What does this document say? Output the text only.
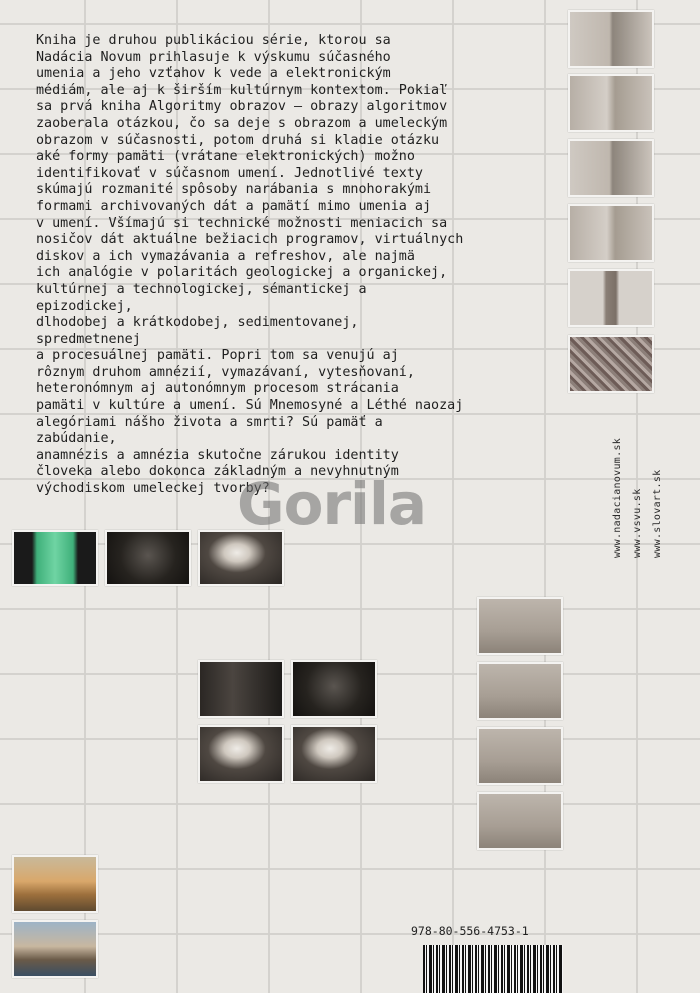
Kniha je druhou publikáciou série, ktorou sa
Nadácia Novum prihlasuje k výskumu súčasného
umenia a jeho vzťahov k vede a elektronickým
médiám, ale aj k širším kultúrnym kontextom. Pokiaľ
sa prvá kniha Algoritmy obrazov – obrazy algoritmov
zaoberala otázkou, čo sa deje s obrazom a umeleckým
obrazom v súčasnosti, potom druhá si kladie otázku
aké formy pamäti (vrátane elektronických) možno
identifikovať v súčasnom umení. Jednotlivé texty
skúmajú rozmanité spôsoby narábania s mnohorakými
formami archivovaných dát a pamätí mimo umenia aj
v umení. Všímajú si technické možnosti meniacich sa
nosičov dát aktuálne bežiacich programov, virtuálnych
diskov a ich vymazávania a refreshov, ale najmä
ich analógie v polaritách geologickej a organickej,
kultúrnej a technologickej, sémantickej a epizodickej,
dlhodobej a krátkodobej, sedimentovanej, spredmetnenej
a procesuálnej pamäti. Popri tom sa venujú aj
rôznym druhom amnézií, vymazávaní, vytesňovaní,
heteronómnym aj autonómnym procesom strácania
pamäti v kultúre a umení. Sú Mnemosyné a Léthé naozaj
alegóriami nášho života a smrti? Sú pamäť a zabúdanie,
anamnézis a amnézia skutočne zárukou identity
človeka alebo dokonca základným a nevyhnutným
východiskom umeleckej tvorby?	www.nadacianovum.sk www.vsvu.sk www.slovart.sk
Gorila
978-80-556-4753-1
